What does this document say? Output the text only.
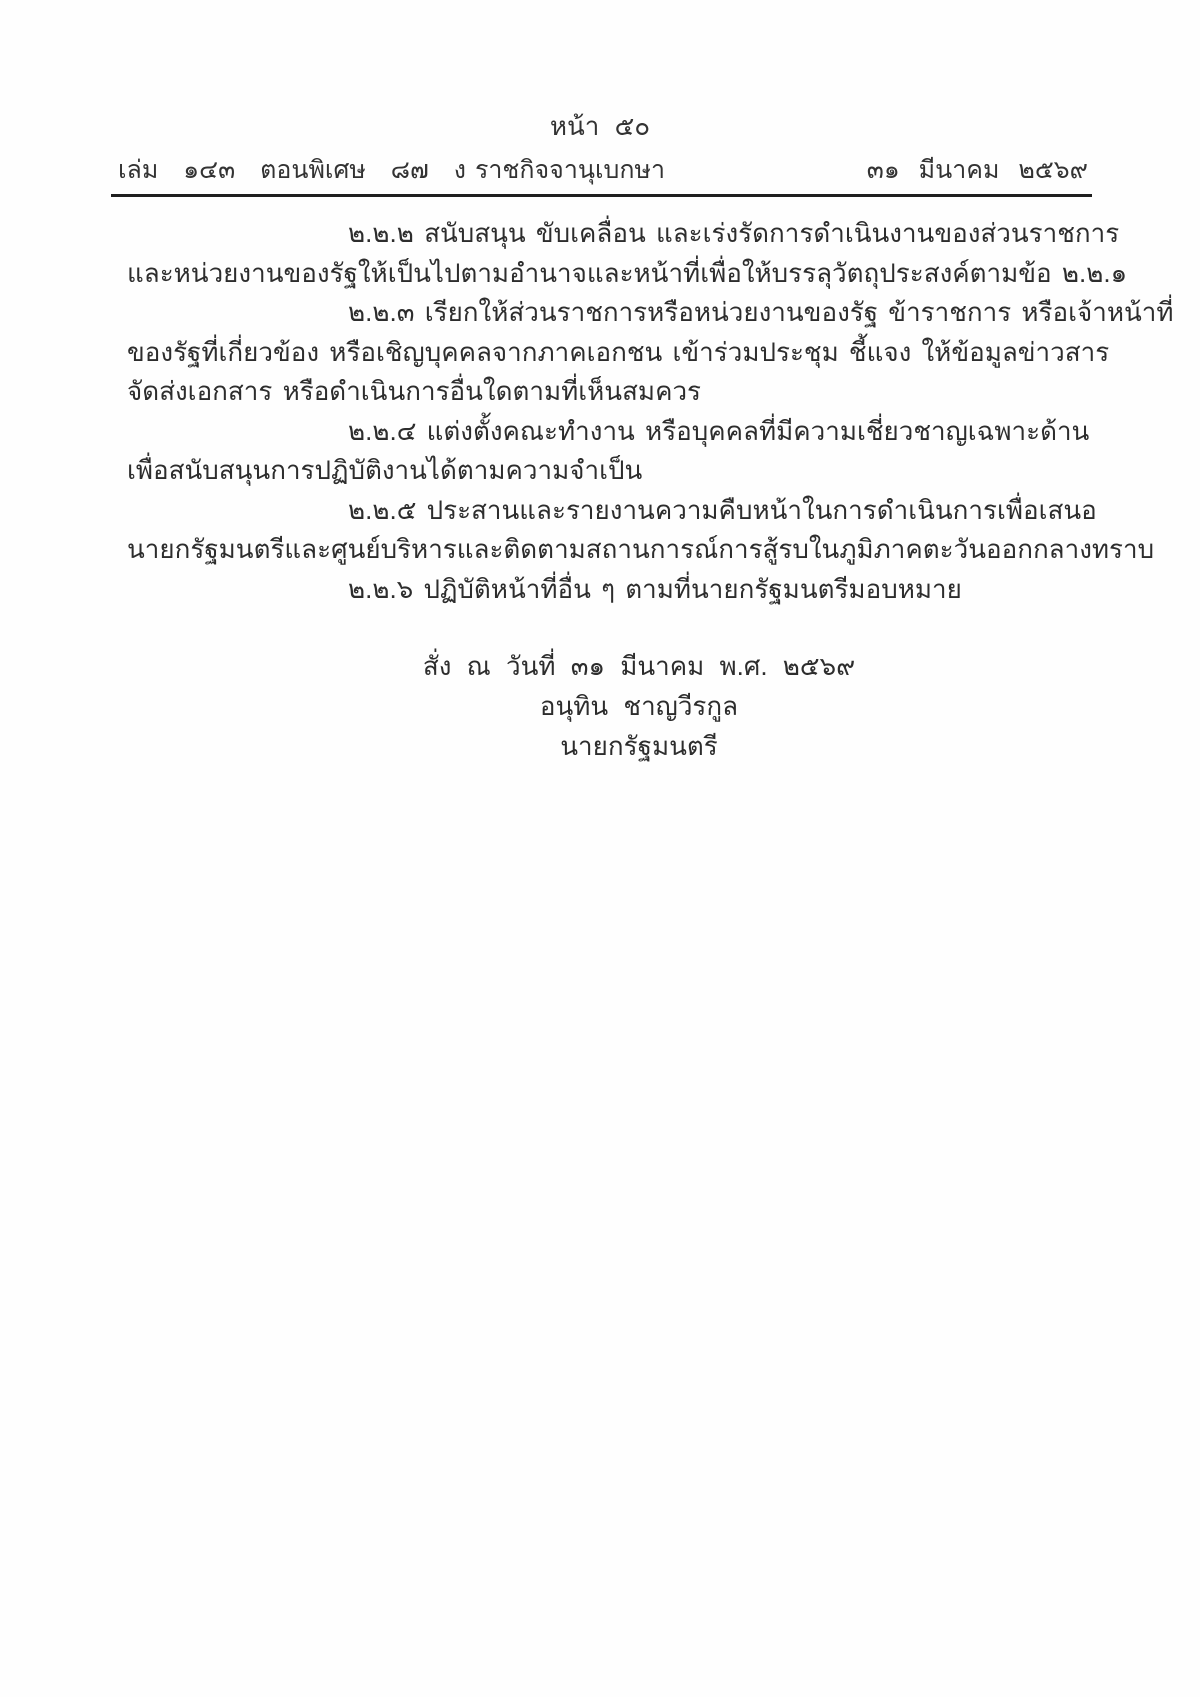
หน้า ๕๐
เล่ม ๑๔๓ ตอนพิเศษ ๘๗ ง ราชกิจจานุเบกษา	๓๑ มีนาคม ๒๕๖๙
๒.๒.๒ สนับสนุน ขับเคลื่อน และเร่งรัดการดำเนินงานของส่วนราชการ
และหน่วยงานของรัฐให้เป็นไปตามอำนาจและหน้าที่เพื่อให้บรรลุวัตถุประสงค์ตามข้อ ๒.๒.๑
๒.๒.๓ เรียกให้ส่วนราชการหรือหน่วยงานของรัฐ ข้าราชการ หรือเจ้าหน้าที่
ของรัฐที่เกี่ยวข้อง หรือเชิญบุคคลจากภาคเอกชน เข้าร่วมประชุม ชี้แจง ให้ข้อมูลข่าวสาร
จัดส่งเอกสาร หรือดำเนินการอื่นใดตามที่เห็นสมควร
๒.๒.๔ แต่งตั้งคณะทำงาน หรือบุคคลที่มีความเชี่ยวชาญเฉพาะด้าน
เพื่อสนับสนุนการปฏิบัติงานได้ตามความจำเป็น
๒.๒.๕ ประสานและรายงานความคืบหน้าในการดำเนินการเพื่อเสนอ
นายกรัฐมนตรีและศูนย์บริหารและติดตามสถานการณ์การสู้รบในภูมิภาคตะวันออกกลางทราบ
๒.๒.๖ ปฏิบัติหน้าที่อื่น ๆ ตามที่นายกรัฐมนตรีมอบหมาย
สั่ง ณ วันที่ ๓๑ มีนาคม พ.ศ. ๒๕๖๙
อนุทิน ชาญวีรกูล
นายกรัฐมนตรี
